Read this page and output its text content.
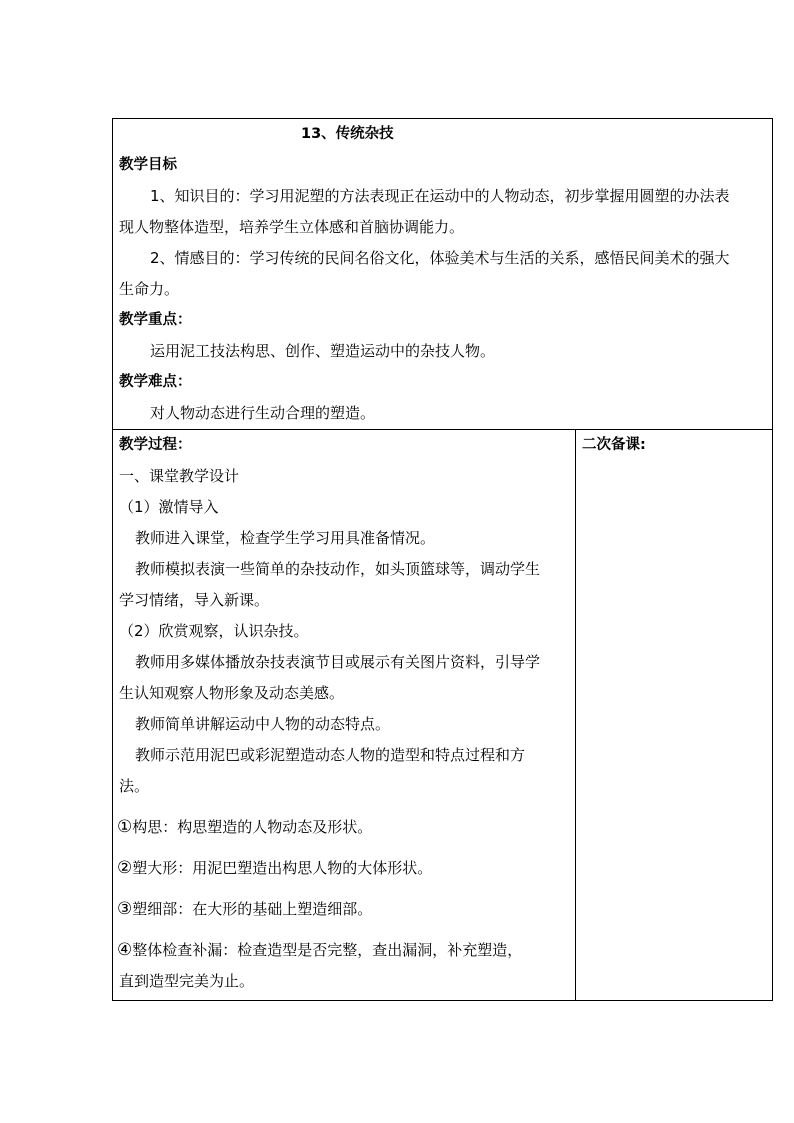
13、传统杂技
教学目标
1、知识目的：学习用泥塑的方法表现正在运动中的人物动态，初步掌握用圆塑的办法表
现人物整体造型，培养学生立体感和首脑协调能力。
2、情感目的：学习传统的民间名俗文化，体验美术与生活的关系，感悟民间美术的强大
生命力。
教学重点：
运用泥工技法构思、创作、塑造运动中的杂技人物。
教学难点：
对人物动态进行生动合理的塑造。

教学过程：
一、课堂教学设计
（1）激情导入
教师进入课堂，检查学生学习用具准备情况。
教师模拟表演一些简单的杂技动作，如头顶篮球等，调动学生
学习情绪，导入新课。
（2）欣赏观察，认识杂技。
教师用多媒体播放杂技表演节目或展示有关图片资料，引导学
生认知观察人物形象及动态美感。
教师简单讲解运动中人物的动态特点。
教师示范用泥巴或彩泥塑造动态人物的造型和特点过程和方
法。
①构思：构思塑造的人物动态及形状。
②塑大形：用泥巴塑造出构思人物的大体形状。
③塑细部：在大形的基础上塑造细部。
④整体检查补漏：检查造型是否完整，查出漏洞，补充塑造，
直到造型完美为止。

二次备课:
